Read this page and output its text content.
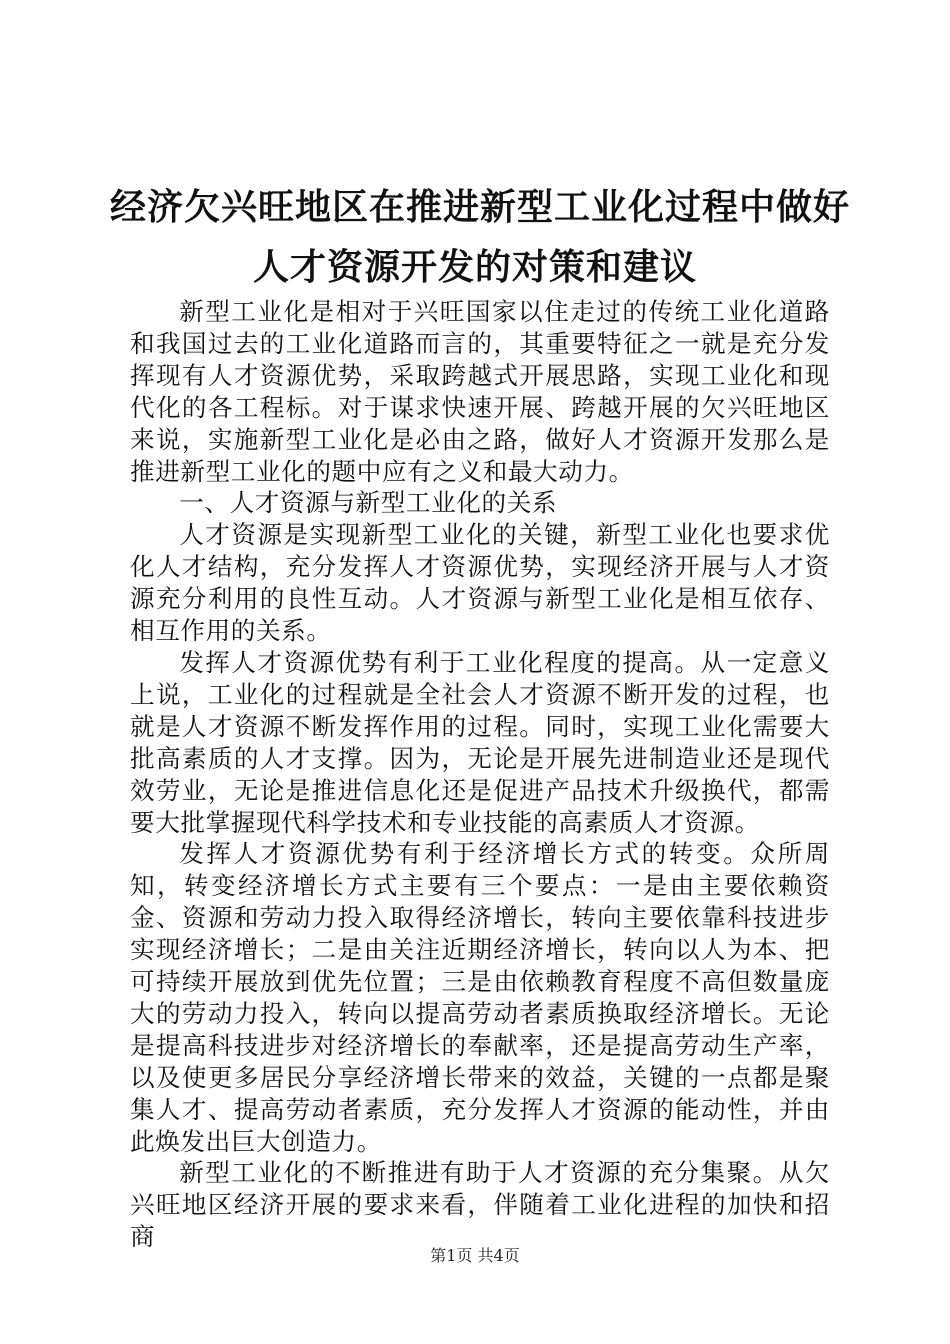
经济欠兴旺地区在推进新型工业化过程中做好
人才资源开发的对策和建议

新型工业化是相对于兴旺国家以住走过的传统工业化道路和我国过去的工业化道路而言的，其重要特征之一就是充分发挥现有人才资源优势，采取跨越式开展思路，实现工业化和现代化的各工程标。对于谋求快速开展、跨越开展的欠兴旺地区来说，实施新型工业化是必由之路，做好人才资源开发那么是推进新型工业化的题中应有之义和最大动力。

一、人才资源与新型工业化的关系

人才资源是实现新型工业化的关键，新型工业化也要求优化人才结构，充分发挥人才资源优势，实现经济开展与人才资源充分利用的良性互动。人才资源与新型工业化是相互依存、相互作用的关系。

发挥人才资源优势有利于工业化程度的提高。从一定意义上说，工业化的过程就是全社会人才资源不断开发的过程，也就是人才资源不断发挥作用的过程。同时，实现工业化需要大批高素质的人才支撑。因为，无论是开展先进制造业还是现代效劳业，无论是推进信息化还是促进产品技术升级换代，都需要大批掌握现代科学技术和专业技能的高素质人才资源。

发挥人才资源优势有利于经济增长方式的转变。众所周知，转变经济增长方式主要有三个要点：一是由主要依赖资金、资源和劳动力投入取得经济增长，转向主要依靠科技进步实现经济增长；二是由关注近期经济增长，转向以人为本、把可持续开展放到优先位置；三是由依赖教育程度不高但数量庞大的劳动力投入，转向以提高劳动者素质换取经济增长。无论是提高科技进步对经济增长的奉献率，还是提高劳动生产率，以及使更多居民分享经济增长带来的效益，关键的一点都是聚集人才、提高劳动者素质，充分发挥人才资源的能动性，并由此焕发出巨大创造力。

新型工业化的不断推进有助于人才资源的充分集聚。从欠兴旺地区经济开展的要求来看，伴随着工业化进程的加快和招商

第1页 共4页
